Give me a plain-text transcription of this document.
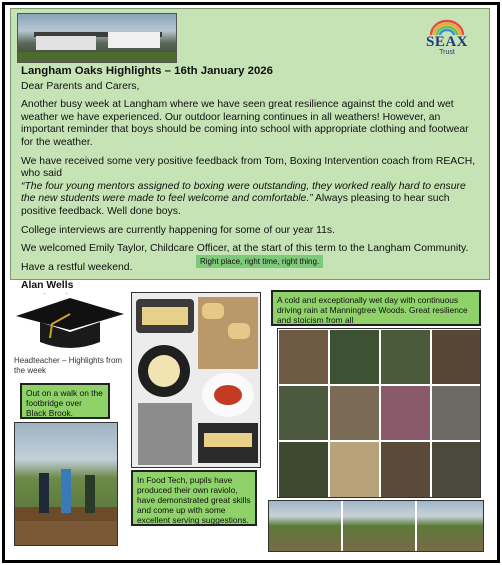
SEAX
Trust
Langham Oaks Highlights – 16th January 2026

Dear Parents and Carers,

Another busy week at Langham where we have seen great resilience against the cold and wet weather we have experienced. Our outdoor learning continues in all weathers! However, an important reminder that boys should be coming into school with appropriate clothing and footwear for the weather.

We have received some very positive feedback from Tom, Boxing Intervention coach from REACH, who said
“The four young mentors assigned to boxing were outstanding, they worked really hard to ensure the new students were made to feel welcome and comfortable.” Always pleasing to hear such positive feedback. Well done boys.

College interviews are currently happening for some of our year 11s.

We welcomed Emily Taylor, Childcare Officer, at the start of this term to the Langham Community.

Have a restful weekend.

Alan Wells
Right place, right time, right thing.
Headteacher – Highlights from the week
Out on a walk on the footbridge over Black Brook.
In Food Tech, pupils have produced their own raviolo, have demonstrated great skills and come up with some excellent serving suggestions.
A cold and exceptionally wet day with continuous driving rain at Manningtree Woods. Great resilience and stoicism from all
